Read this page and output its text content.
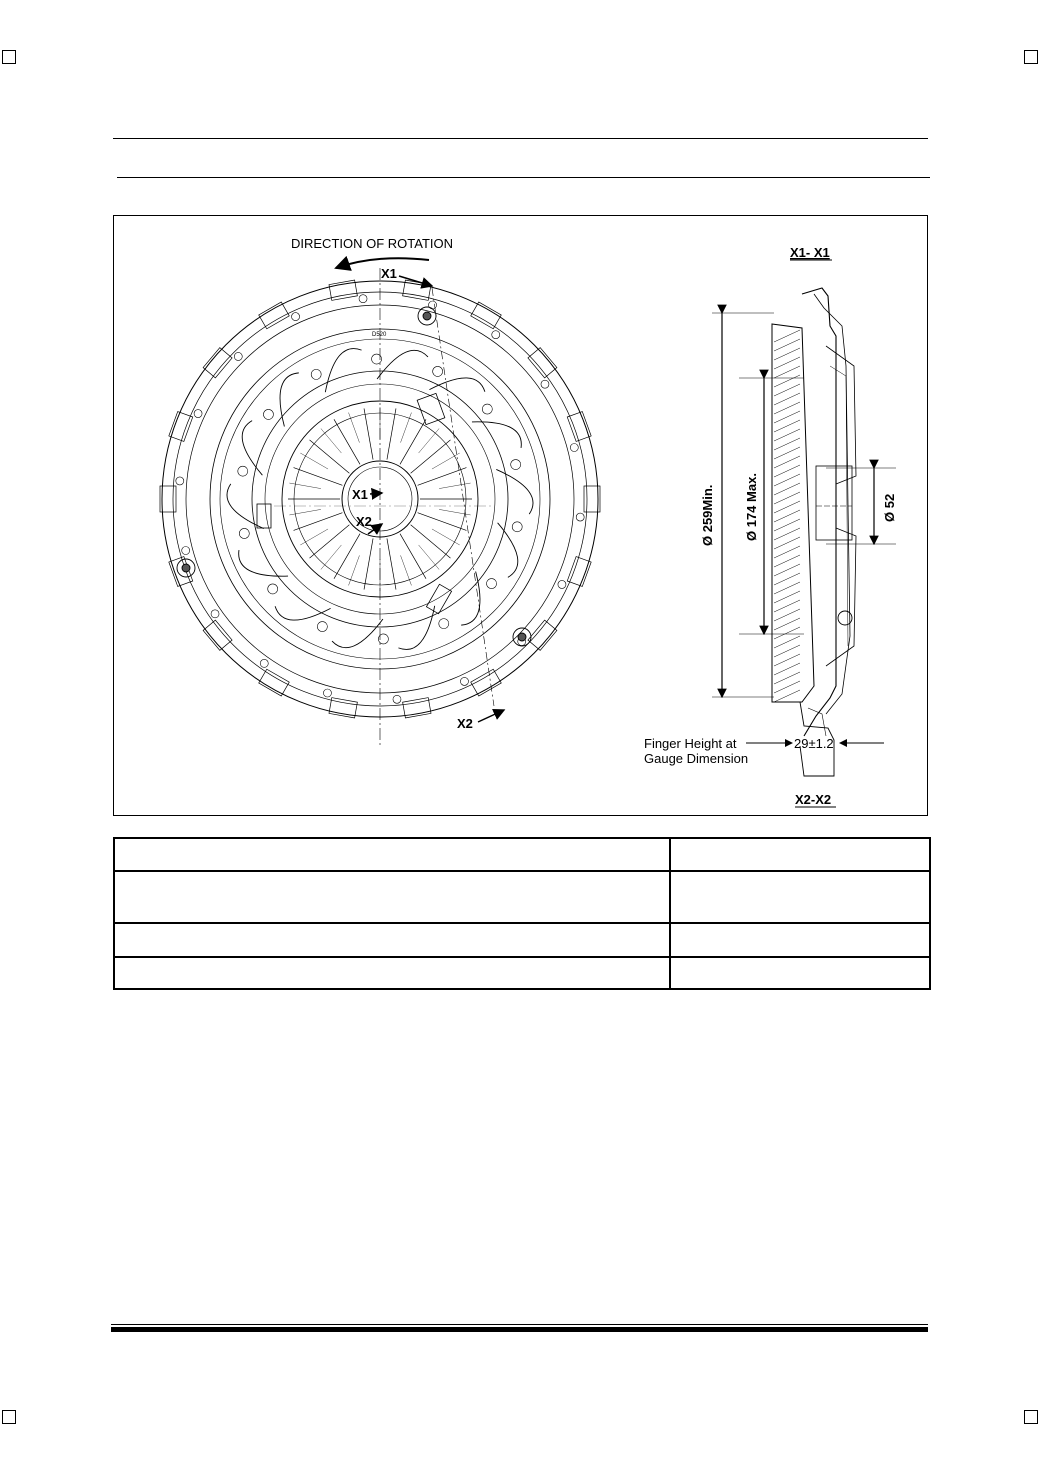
D520
DIRECTION OF ROTATION
X1
X1
X2
X2
Ø 259Min. Ø 174 Max.	Ø 52
X1- X1
X2-X2
Finger Height at
Gauge Dimension
29±1.2
